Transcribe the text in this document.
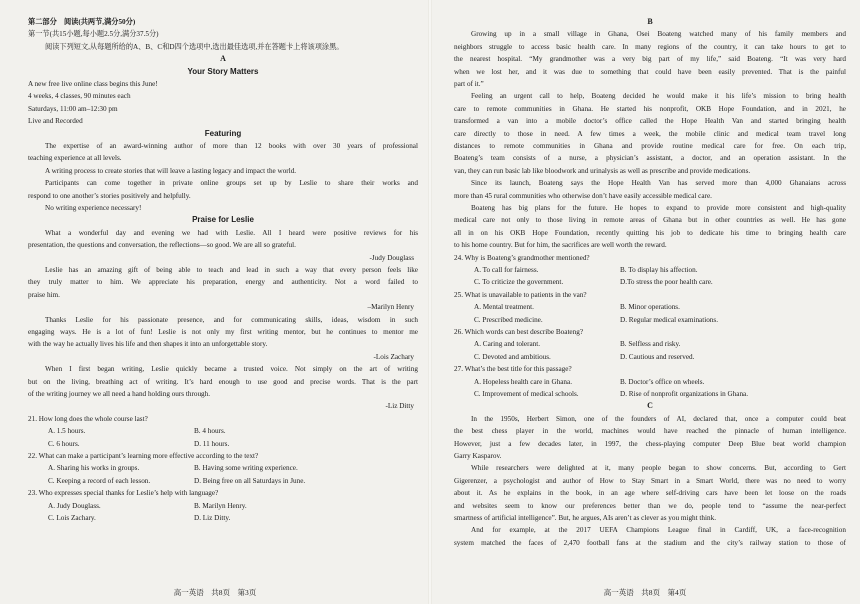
第二部分　阅读(共两节,满分50分)
第一节(共15小题,每小题2.5分,满分37.5分)
阅读下列短文,从每题所给的A、B、C和D四个选项中,选出最佳选项,并在答题卡上将该项涂黑。
A
Your Story Matters
A new free live online class begins this June!
4 weeks, 4 classes, 90 minutes each
Saturdays, 11:00 am–12:30 pm
Live and Recorded
Featuring
The expertise of an award-winning author of more than 12 books with over 30 years of professional
teaching experience at all levels.
A writing process to create stories that will leave a lasting legacy and impact the world.
Participants can come together in private online groups set up by Leslie to share their works and
respond to one another’s stories positively and helpfully.
No writing experience necessary!
Praise for Leslie
What a wonderful day and evening we had with Leslie. All I heard were positive reviews for his
presentation, the questions and conversation, the reflections—so good. We are all so grateful.
-Judy Douglass
Leslie has an amazing gift of being able to teach and lead in such a way that every person feels like
they truly matter to him. We appreciate his preparation, energy and authenticity. Not a word failed to
praise him.
–Marilyn Henry
Thanks Leslie for his passionate presence, and for communicating skills, ideas, wisdom in such
engaging ways. He is a lot of fun! Leslie is not only my first writing mentor, but he continues to mentor me
with the way he actually lives his life and then shapes it into an unforgettable story.
-Lois Zachary
When I first began writing, Leslie quickly became a trusted voice. Not simply on the art of writing
but on the living, breathing act of writing. It’s hard enough to use good and precise words. That is the part
of the writing journey we all need a hand holding ours through.
-Liz Ditty
21. How long does the whole course last?
A. 1.5 hours.	B. 4 hours.
C. 6 hours.	D. 11 hours.
22. What can make a participant’s learning more effective according to the text?
A. Sharing his works in groups.	B. Having some writing experience.
C. Keeping a record of each lesson.	D. Being free on all Saturdays in June.
23. Who expresses special thanks for Leslie’s help with language?
A. Judy Douglass.	B. Marilyn Henry.
C. Lois Zachary.	D. Liz Ditty.
高一英语　共8页　第3页
B
Growing up in a small village in Ghana, Osei Boateng watched many of his family members and
neighbors struggle to access basic health care. In many regions of the country, it can take hours to get to
the nearest hospital. “My grandmother was a very big part of my life,” said Boateng. “It was very hard
when we lost her, and it was due to something that could have been easily prevented. That is the painful
part of it.”
Feeling an urgent call to help, Boateng decided he would make it his life’s mission to bring health
care to remote communities in Ghana. He started his nonprofit, OKB Hope Foundation, and in 2021, he
transformed a van into a mobile doctor’s office called the Hope Health Van and started bringing health
care directly to those in need. A few times a week, the mobile clinic and medical team travel long
distances to remote communities in Ghana and provide routine medical care for free. On each trip,
Boateng’s team consists of a nurse, a physician’s assistant, a doctor, and an operation assistant. In the
van, they can run basic lab like bloodwork and urinalysis as well as prescribe and provide medications.
Since its launch, Boateng says the Hope Health Van has served more than 4,000 Ghanaians across
more than 45 rural communities who otherwise don’t have easily accessible medical care.
Boateng has big plans for the future. He hopes to expand to provide more consistent and high-quality
medical care not only to those living in remote areas of Ghana but in other countries as well. He has gone
all in on his OKB Hope Foundation, recently quitting his job to dedicate his time to bringing health care
to his home country. But for him, the sacrifices are well worth the reward.
24. Why is Boateng’s grandmother mentioned?
A. To call for fairness.	B. To display his affection.
C. To criticize the government.	D.To stress the poor health care.
25. What is unavailable to patients in the van?
A. Mental treatment.	B. Minor operations.
C. Prescribed medicine.	D. Regular medical examinations.
26. Which words can best describe Boateng?
A. Caring and tolerant.	B. Selfless and risky.
C. Devoted and ambitious.	D. Cautious and reserved.
27. What’s the best title for this passage?
A. Hopeless health care in Ghana.	B. Doctor’s office on wheels.
C. Improvement of medical schools.	D. Rise of nonprofit organizations in Ghana.
C
In the 1950s, Herbert Simon, one of the founders of AI, declared that, once a computer could beat
the best chess player in the world, machines would have reached the pinnacle of human intelligence.
However, just a few decades later, in 1997, the chess-playing computer Deep Blue beat world champion
Garry Kasparov.
While researchers were delighted at it, many people began to show concerns. But, according to Gert
Gigerenzer, a psychologist and author of How to Stay Smart in a Smart World, there was no need to worry
about it. As he explains in the book, in an age where self-driving cars have been let loose on the roads
and websites seem to know our preferences better than we do, people tend to “assume the near-perfect
smartness of artificial intelligence”. But, he argues, AIs aren’t as clever as you might think.
And for example, at the 2017 UEFA Champions League final in Cardiff, UK, a face-recognition
system matched the faces of 2,470 football fans at the stadium and the city’s railway station to those of
高一英语　共8页　第4页
